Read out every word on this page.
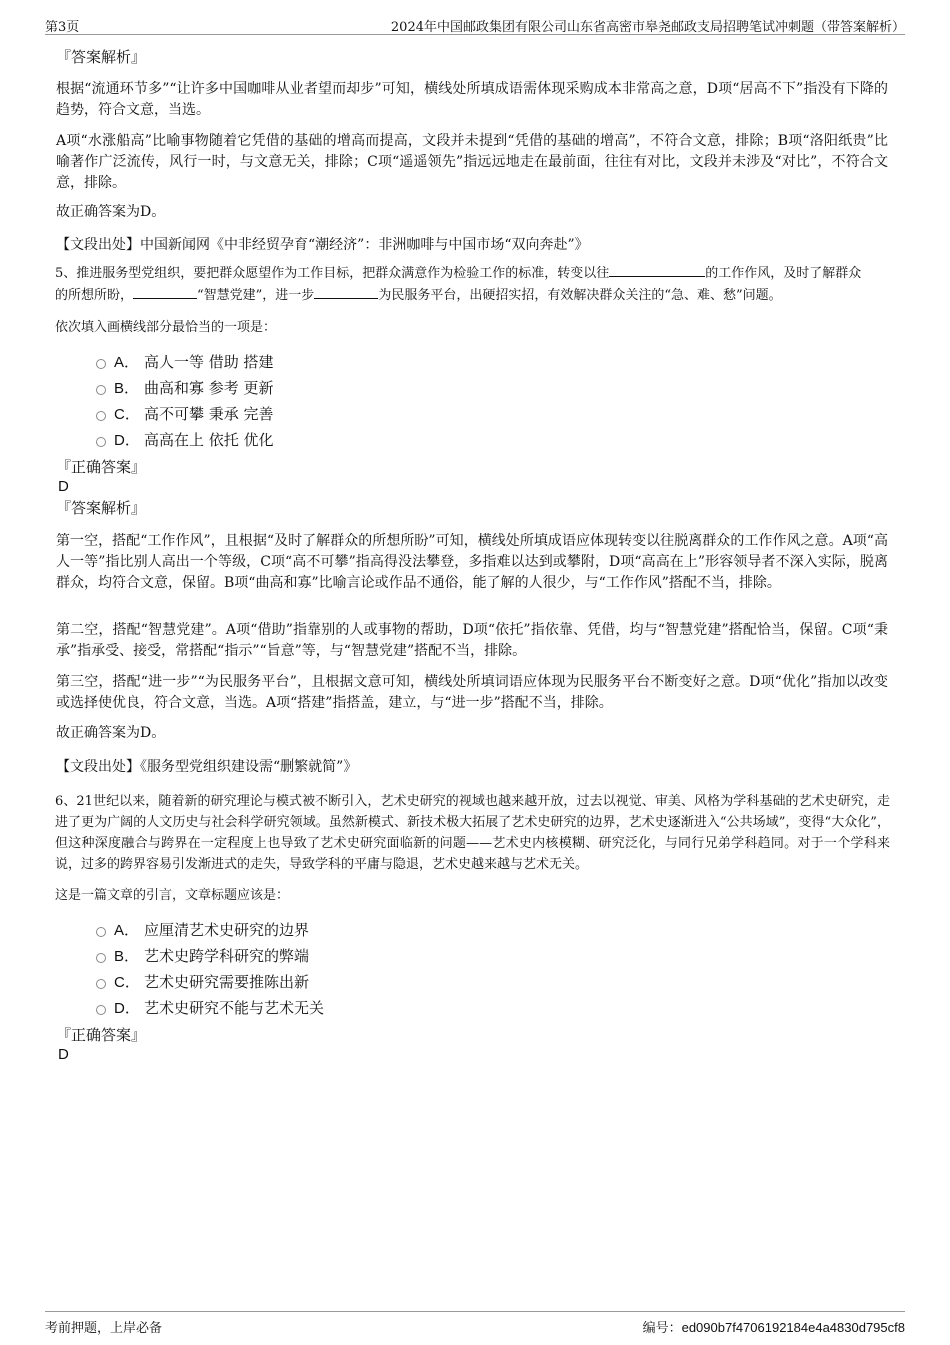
第3页	2024年中国邮政集团有限公司山东省高密市皋尧邮政支局招聘笔试冲刺题（带答案解析）
『答案解析』
根据“流通环节多”“让许多中国咖啡从业者望而却步”可知，横线处所填成语需体现采购成本非常高之意，D项“居高不下”指没有下降的趋势，符合文意，当选。
A项“水涨船高”比喻事物随着它凭借的基础的增高而提高，文段并未提到“凭借的基础的增高”，不符合文意，排除；B项“洛阳纸贵”比喻著作广泛流传，风行一时，与文意无关，排除；C项“遥遥领先”指远远地走在最前面，往往有对比，文段并未涉及“对比”，不符合文意，排除。
故正确答案为D。
【文段出处】中国新闻网《中非经贸孕育“潮经济”：非洲咖啡与中国市场“双向奔赴”》
5、推进服务型党组织，要把群众愿望作为工作目标，把群众满意作为检验工作的标准，转变以往	的工作作风，及时了解群众
的所想所盼，	“智慧党建”，进一步	为民服务平台，出硬招实招，有效解决群众关注的“急、难、愁”问题。
依次填入画横线部分最恰当的一项是：
A． 高人一等 借助 搭建
B． 曲高和寡 参考 更新
C． 高不可攀 秉承 完善
D． 高高在上 依托 优化
『正确答案』
D
『答案解析』
第一空，搭配“工作作风”，且根据“及时了解群众的所想所盼”可知，横线处所填成语应体现转变以往脱离群众的工作作风之意。A项“高人一等”指比别人高出一个等级，C项“高不可攀”指高得没法攀登，多指难以达到或攀附，D项“高高在上”形容领导者不深入实际，脱离群众，均符合文意，保留。B项“曲高和寡”比喻言论或作品不通俗，能了解的人很少，与“工作作风”搭配不当，排除。
第二空，搭配“智慧党建”。A项“借助”指靠别的人或事物的帮助，D项“依托”指依靠、凭借，均与“智慧党建”搭配恰当，保留。C项“秉承”指承受、接受，常搭配“指示”“旨意”等，与“智慧党建”搭配不当，排除。
第三空，搭配“进一步”“为民服务平台”，且根据文意可知，横线处所填词语应体现为民服务平台不断变好之意。D项“优化”指加以改变或选择使优良，符合文意，当选。A项“搭建”指搭盖，建立，与“进一步”搭配不当，排除。
故正确答案为D。
【文段出处】《服务型党组织建设需“删繁就简”》
6、21世纪以来，随着新的研究理论与模式被不断引入，艺术史研究的视域也越来越开放，过去以视觉、审美、风格为学科基础的艺术史研究，走进了更为广阔的人文历史与社会科学研究领域。虽然新模式、新技术极大拓展了艺术史研究的边界，艺术史逐渐进入“公共场域”，变得“大众化”，但这种深度融合与跨界在一定程度上也导致了艺术史研究面临新的问题——艺术史内核模糊、研究泛化，与同行兄弟学科趋同。对于一个学科来说，过多的跨界容易引发渐进式的走失，导致学科的平庸与隐退，艺术史越来越与艺术无关。
这是一篇文章的引言，文章标题应该是：
A． 应厘清艺术史研究的边界
B． 艺术史跨学科研究的弊端
C． 艺术史研究需要推陈出新
D． 艺术史研究不能与艺术无关
『正确答案』
D
考前押题，上岸必备	编号：ed090b7f4706192184e4a4830d795cf8
